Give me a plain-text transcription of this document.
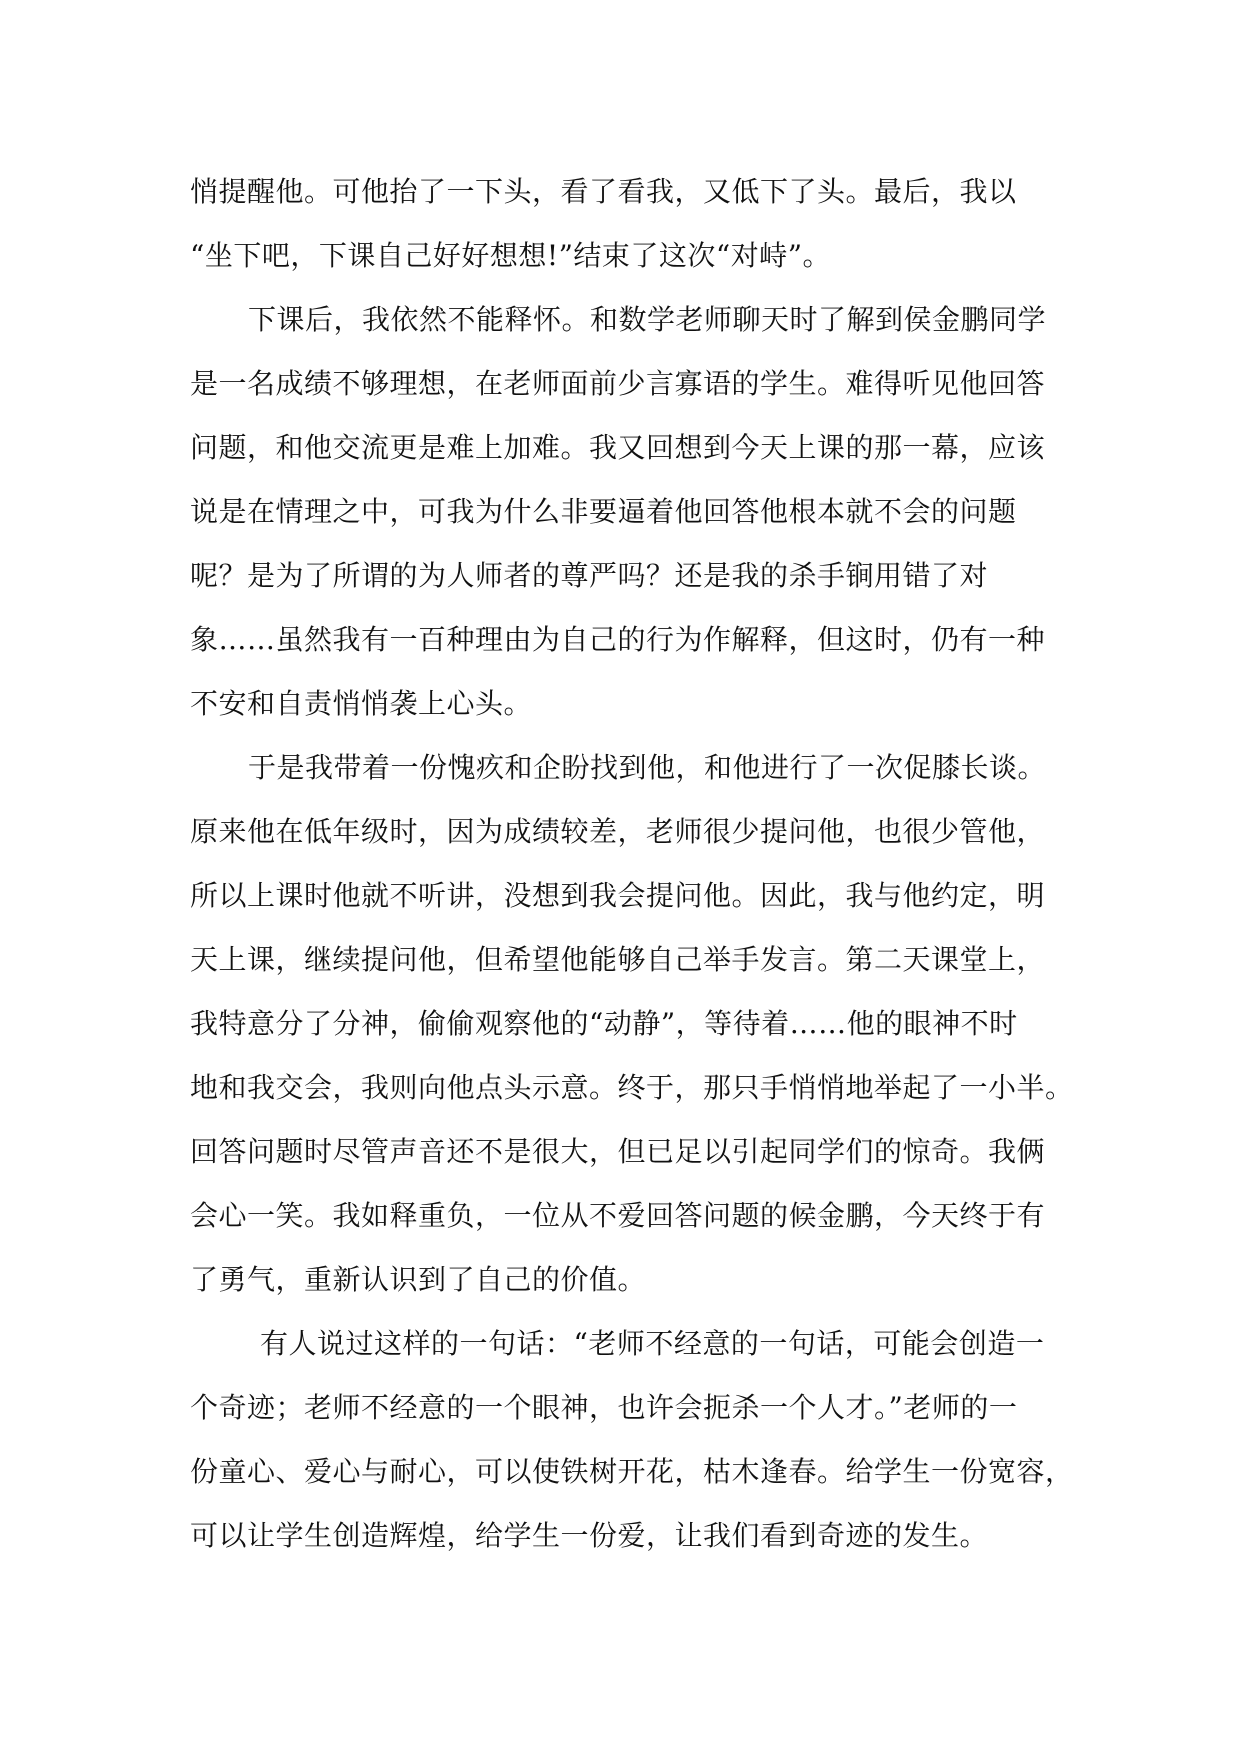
悄提醒他。可他抬了一下头，看了看我，又低下了头。最后，我以
“坐下吧，下课自己好好想想!”结束了这次“对峙”。
下课后，我依然不能释怀。和数学老师聊天时了解到侯金鹏同学
是一名成绩不够理想，在老师面前少言寡语的学生。难得听见他回答
问题，和他交流更是难上加难。我又回想到今天上课的那一幕，应该
说是在情理之中，可我为什么非要逼着他回答他根本就不会的问题
呢？是为了所谓的为人师者的尊严吗？还是我的杀手锏用错了对
象……虽然我有一百种理由为自己的行为作解释，但这时，仍有一种
不安和自责悄悄袭上心头。
于是我带着一份愧疚和企盼找到他，和他进行了一次促膝长谈。
原来他在低年级时，因为成绩较差，老师很少提问他，也很少管他，
所以上课时他就不听讲，没想到我会提问他。因此，我与他约定，明
天上课，继续提问他，但希望他能够自己举手发言。第二天课堂上，
我特意分了分神，偷偷观察他的“动静”，等待着……他的眼神不时
地和我交会，我则向他点头示意。终于，那只手悄悄地举起了一小半。
回答问题时尽管声音还不是很大，但已足以引起同学们的惊奇。我俩
会心一笑。我如释重负，一位从不爱回答问题的候金鹏，今天终于有
了勇气，重新认识到了自己的价值。
有人说过这样的一句话：“老师不经意的一句话，可能会创造一
个奇迹；老师不经意的一个眼神，也许会扼杀一个人才。”老师的一
份童心、爱心与耐心，可以使铁树开花，枯木逢春。给学生一份宽容，
可以让学生创造辉煌，给学生一份爱，让我们看到奇迹的发生。
